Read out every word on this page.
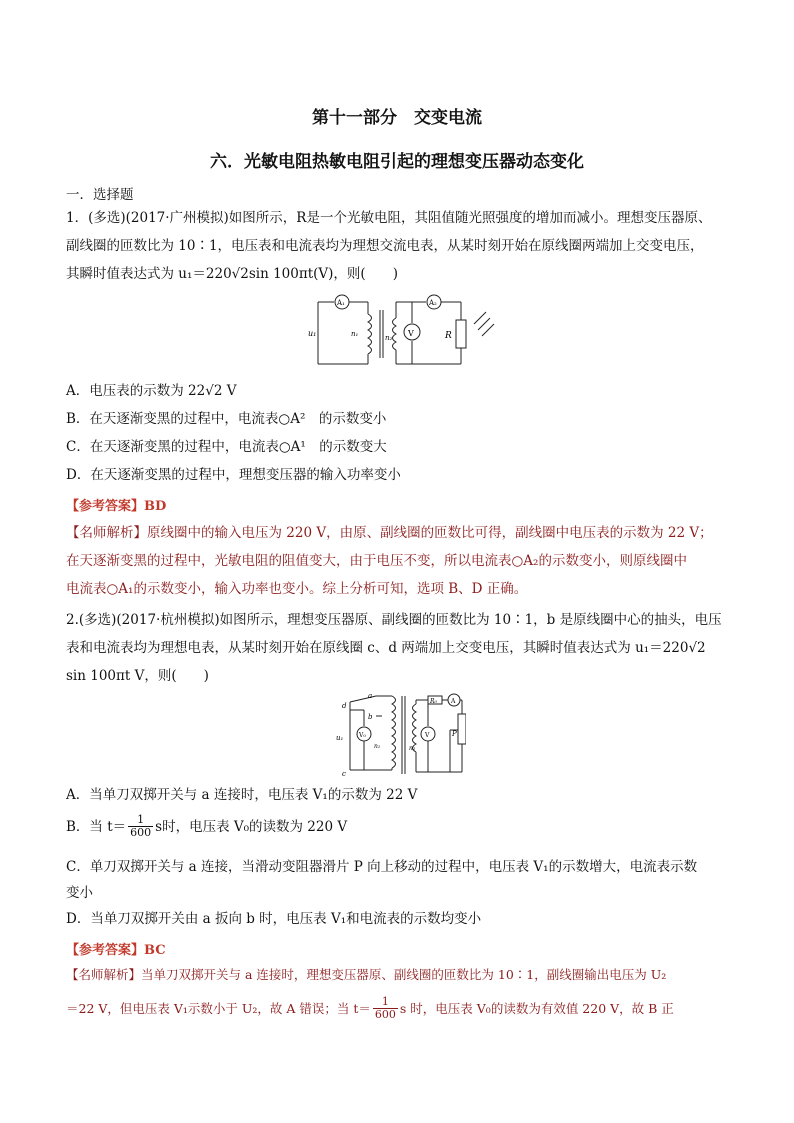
第十一部分　交变电流
六．光敏电阻热敏电阻引起的理想变压器动态变化
一．选择题
1．(多选)(2017·广州模拟)如图所示，R是一个光敏电阻，其阻值随光照强度的增加而减小。理想变压器原、
副线圈的匝数比为 10∶1，电压表和电流表均为理想交流电表，从某时刻开始在原线圈两端加上交变电压，
其瞬时值表达式为 u₁＝220√2sin 100πt(V)，则(　　)
u₁	n₁	n₂
A₁	A₂
V	R
A．电压表的示数为 22√2 V
B．在天逐渐变黑的过程中，电流表○A²　的示数变小
C．在天逐渐变黑的过程中，电流表○A¹　的示数变大
D．在天逐渐变黑的过程中，理想变压器的输入功率变小
【参考答案】BD
【名师解析】原线圈中的输入电压为 220 V，由原、副线圈的匝数比可得，副线圈中电压表的示数为 22 V；
在天逐渐变黑的过程中，光敏电阻的阻值变大，由于电压不变，所以电流表○A₂的示数变小，则原线圈中
电流表○A₁的示数变小，输入功率也变小。综上分析可知，选项 B、D 正确。
2.(多选)(2017·杭州模拟)如图所示，理想变压器原、副线圈的匝数比为 10∶1，b 是原线圈中心的抽头，电压
表和电流表均为理想电表，从某时刻开始在原线圈 c、d 两端加上交变电压，其瞬时值表达式为 u₁＝220√2
sin 100πt V，则(　　)
a
b
c
d
u₁
n₁	n₂
V₀	V
R₀ A
P
A．当单刀双掷开关与 a 连接时，电压表 V₁的示数为 22 V
B．当 $t= \frac{1}{600}$ s时，电压表 V₀的读数为 220 V
C．单刀双掷开关与 a 连接，当滑动变阻器滑片 P 向上移动的过程中，电压表 V₁的示数增大，电流表示数
变小
D．当单刀双掷开关由 a 扳向 b 时，电压表 V₁和电流表的示数均变小
【参考答案】BC
【名师解析】当单刀双掷开关与 a 连接时，理想变压器原、副线圈的匝数比为 10∶1，副线圈输出电压为 U₂
＝22 V，但电压表 V₁示数小于 U₂，故 A 错误；当 $t= \frac{1}{600}$ s 时，电压表 V₀的读数为有效值 220 V，故 B 正
